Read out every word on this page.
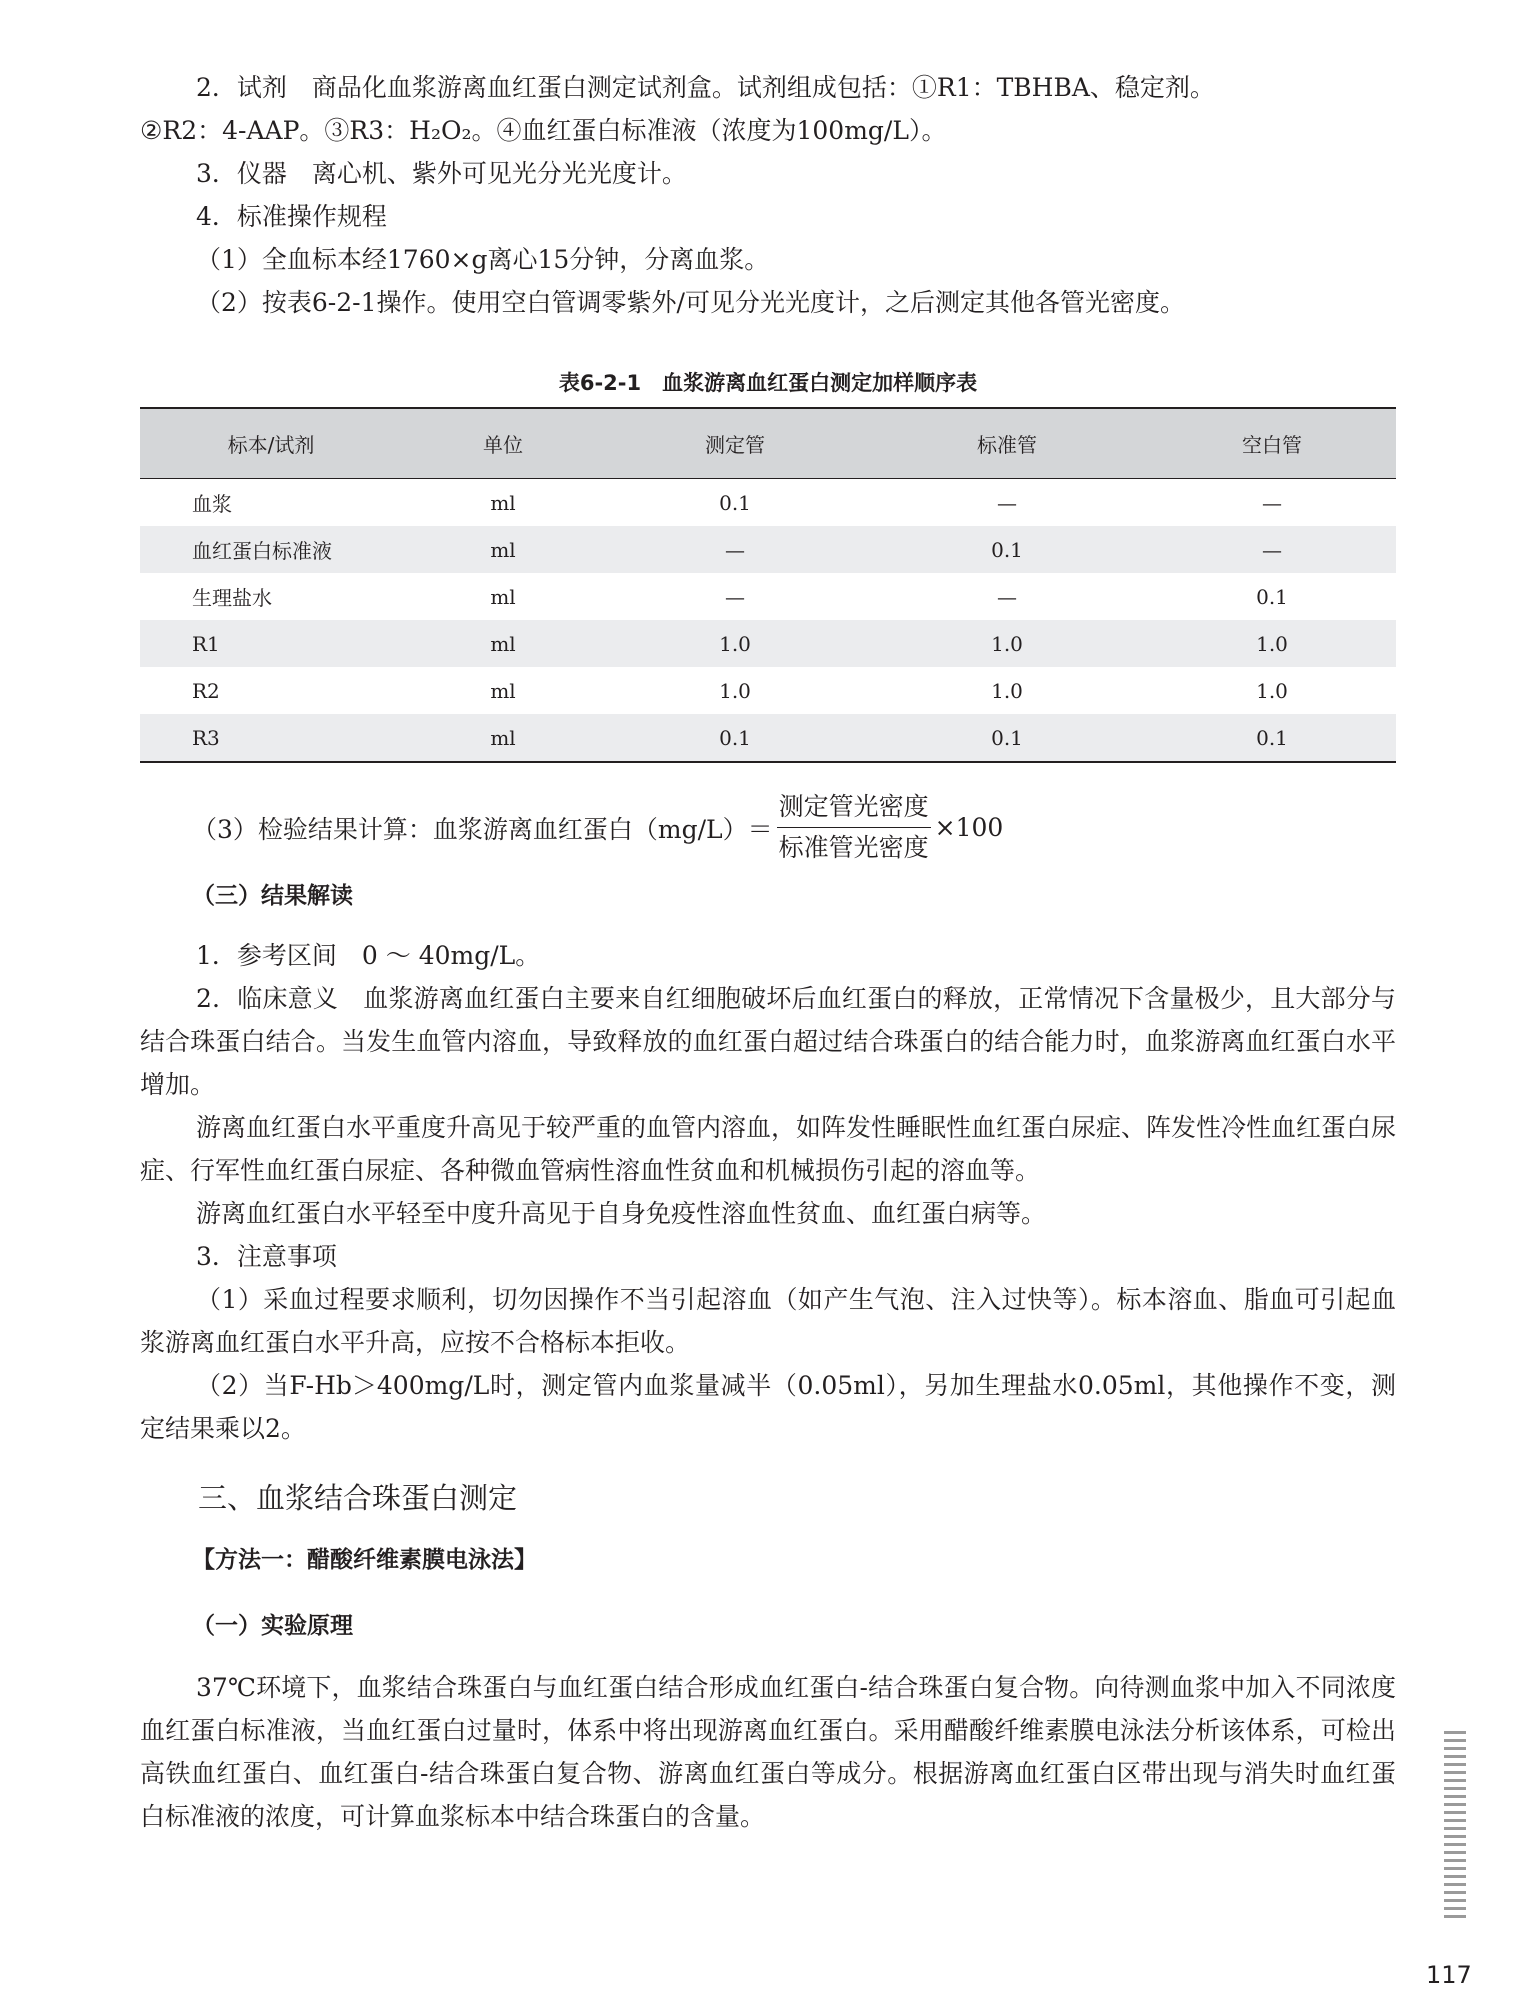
2．试剂　商品化血浆游离血红蛋白测定试剂盒。试剂组成包括：①R1：TBHBA、稳定剂。

②R2：4-AAP。③R3：H₂O₂。④血红蛋白标准液（浓度为100mg/L）。

3．仪器　离心机、紫外可见光分光光度计。

4．标准操作规程

（1）全血标本经1760×g离心15分钟，分离血浆。

（2）按表6-2-1操作。使用空白管调零紫外/可见分光光度计，之后测定其他各管光密度。

表6-2-1　血浆游离血红蛋白测定加样顺序表
标本/试剂	单位	测定管	标准管	空白管
血浆	ml	0.1	—	—
血红蛋白标准液	ml	—	0.1	—
生理盐水	ml	—	—	0.1
R1	ml	1.0	1.0	1.0
R2	ml	1.0	1.0	1.0
R3	ml	0.1	0.1	0.1
（3）检验结果计算：血浆游离血红蛋白$(mg/L)= \frac{\text{测定管光密度}}{\text{标准管光密度}} \times 100$

（三）结果解读

1．参考区间　0 ～ 40mg/L。

2．临床意义　血浆游离血红蛋白主要来自红细胞破坏后血红蛋白的释放，正常情况下含量极少，且大部分与结合珠蛋白结合。当发生血管内溶血，导致释放的血红蛋白超过结合珠蛋白的结合能力时，血浆游离血红蛋白水平增加。

游离血红蛋白水平重度升高见于较严重的血管内溶血，如阵发性睡眠性血红蛋白尿症、阵发性冷性血红蛋白尿症、行军性血红蛋白尿症、各种微血管病性溶血性贫血和机械损伤引起的溶血等。

游离血红蛋白水平轻至中度升高见于自身免疫性溶血性贫血、血红蛋白病等。

3．注意事项

（1）采血过程要求顺利，切勿因操作不当引起溶血（如产生气泡、注入过快等）。标本溶血、脂血可引起血浆游离血红蛋白水平升高，应按不合格标本拒收。

（2）当F-Hb＞400mg/L时，测定管内血浆量减半（0.05ml），另加生理盐水0.05ml，其他操作不变，测定结果乘以2。

三、血浆结合珠蛋白测定

【方法一：醋酸纤维素膜电泳法】

（一）实验原理

37℃环境下，血浆结合珠蛋白与血红蛋白结合形成血红蛋白-结合珠蛋白复合物。向待测血浆中加入不同浓度血红蛋白标准液，当血红蛋白过量时，体系中将出现游离血红蛋白。采用醋酸纤维素膜电泳法分析该体系，可检出高铁血红蛋白、血红蛋白-结合珠蛋白复合物、游离血红蛋白等成分。根据游离血红蛋白区带出现与消失时血红蛋白标准液的浓度，可计算血浆标本中结合珠蛋白的含量。

117
